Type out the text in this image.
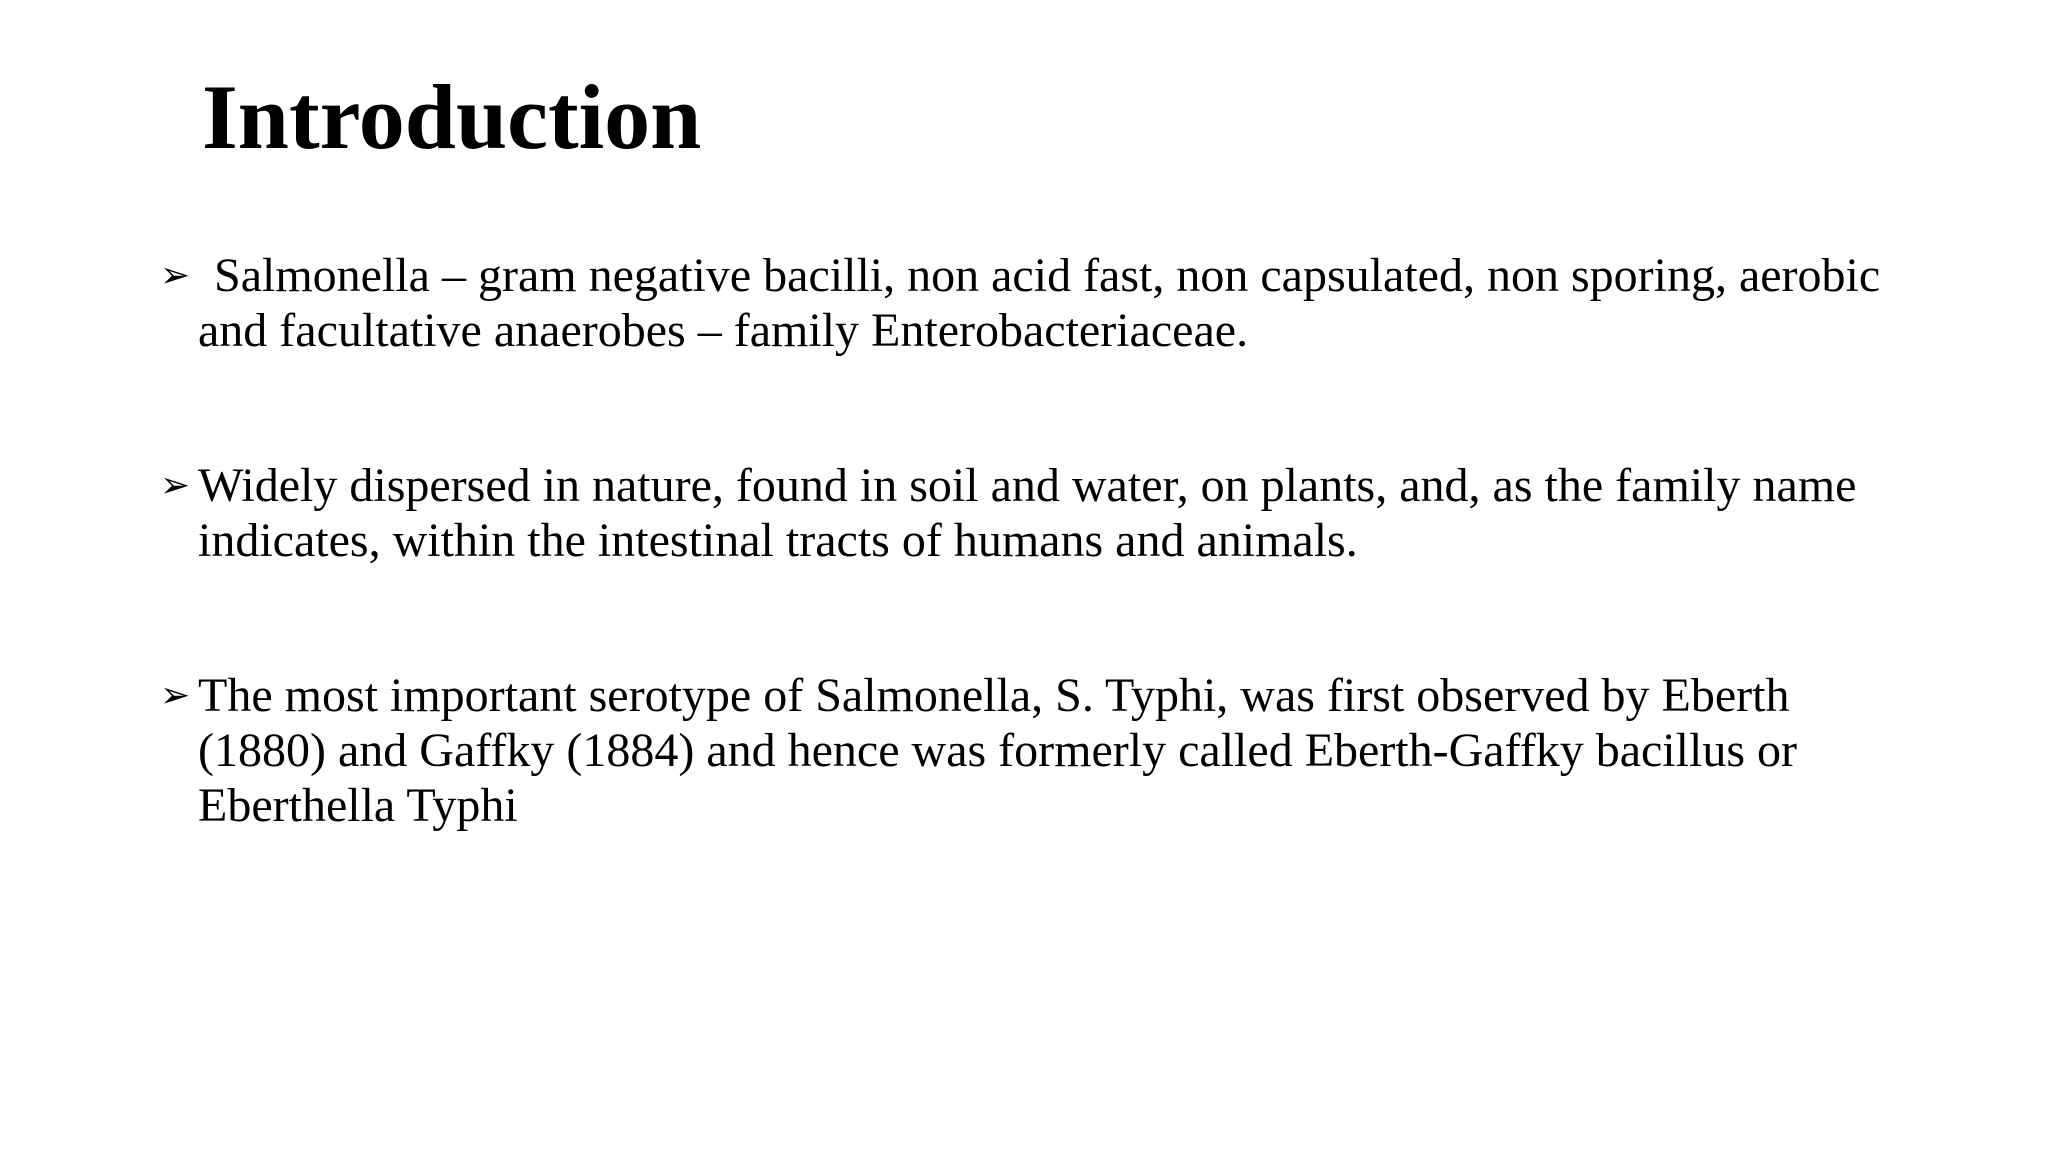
Introduction
➢ Salmonella – gram negative bacilli, non acid fast, non capsulated, non sporing, aerobic and facultative anaerobes – family Enterobacteriaceae.
➢ Widely dispersed in nature, found in soil and water, on plants, and, as the family name indicates, within the intestinal tracts of humans and animals.
➢ The most important serotype of Salmonella, S. Typhi, was first observed by Eberth (1880) and Gaffky (1884) and hence was formerly called Eberth-Gaffky bacillus or Eberthella Typhi
